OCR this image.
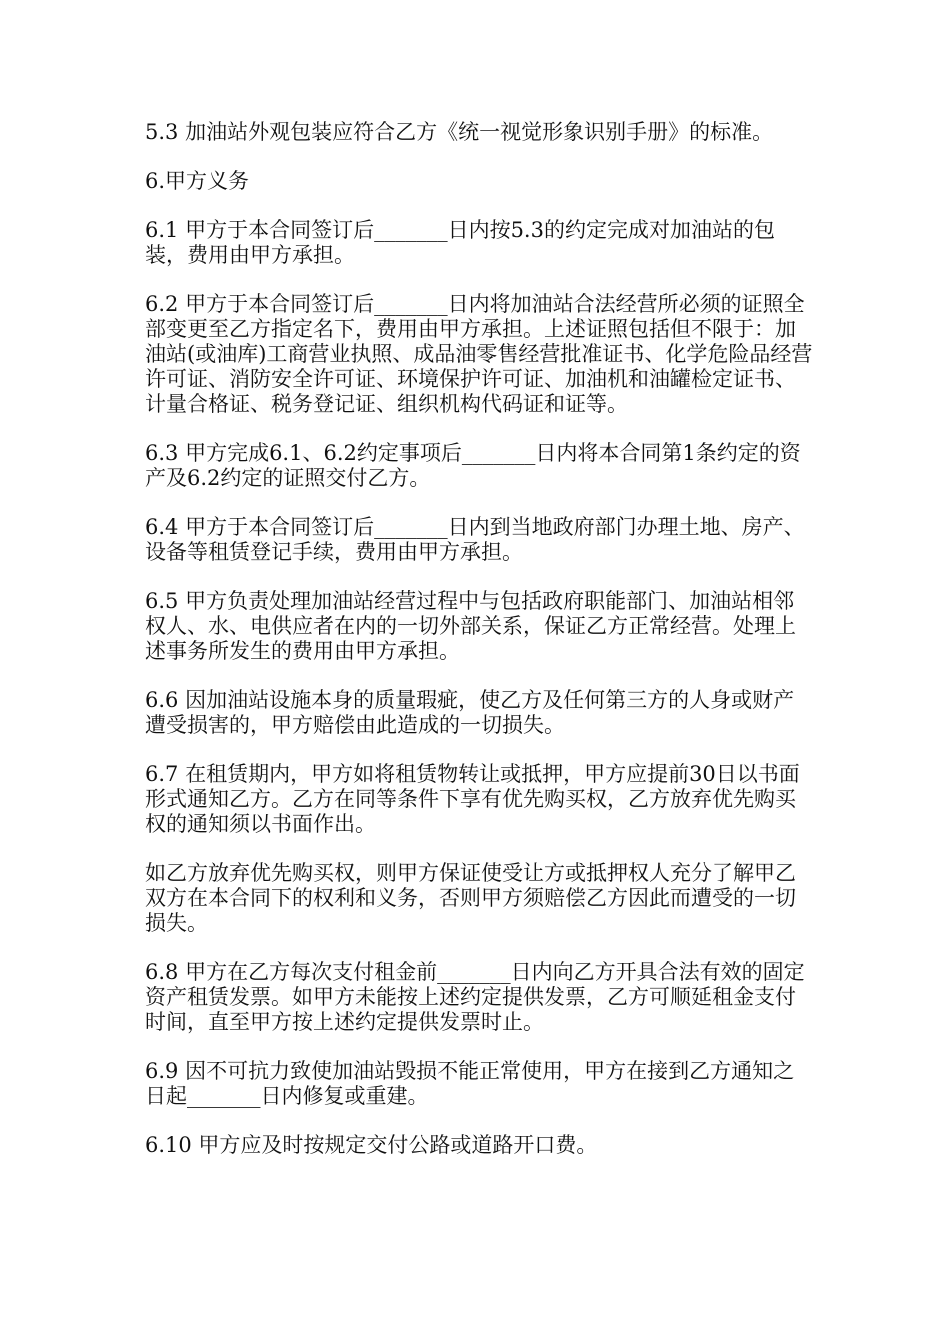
5.3 加油站外观包装应符合乙方《统一视觉形象识别手册》的标准。

6.甲方义务

6.1 甲方于本合同签订后_______日内按5.3的约定完成对加油站的包装，费用由甲方承担。

6.2 甲方于本合同签订后_______日内将加油站合法经营所必须的证照全部变更至乙方指定名下，费用由甲方承担。上述证照包括但不限于：加油站(或油库)工商营业执照、成品油零售经营批准证书、化学危险品经营许可证、消防安全许可证、环境保护许可证、加油机和油罐检定证书、计量合格证、税务登记证、组织机构代码证和证等。

6.3 甲方完成6.1、6.2约定事项后_______日内将本合同第1条约定的资产及6.2约定的证照交付乙方。

6.4 甲方于本合同签订后_______日内到当地政府部门办理土地、房产、设备等租赁登记手续，费用由甲方承担。

6.5 甲方负责处理加油站经营过程中与包括政府职能部门、加油站相邻权人、水、电供应者在内的一切外部关系，保证乙方正常经营。处理上述事务所发生的费用由甲方承担。

6.6 因加油站设施本身的质量瑕疵，使乙方及任何第三方的人身或财产遭受损害的，甲方赔偿由此造成的一切损失。

6.7 在租赁期内，甲方如将租赁物转让或抵押，甲方应提前30日以书面形式通知乙方。乙方在同等条件下享有优先购买权，乙方放弃优先购买权的通知须以书面作出。

如乙方放弃优先购买权，则甲方保证使受让方或抵押权人充分了解甲乙双方在本合同下的权利和义务，否则甲方须赔偿乙方因此而遭受的一切损失。

6.8 甲方在乙方每次支付租金前_______日内向乙方开具合法有效的固定资产租赁发票。如甲方未能按上述约定提供发票，乙方可顺延租金支付时间，直至甲方按上述约定提供发票时止。

6.9 因不可抗力致使加油站毁损不能正常使用，甲方在接到乙方通知之日起_______日内修复或重建。

6.10 甲方应及时按规定交付公路或道路开口费。
